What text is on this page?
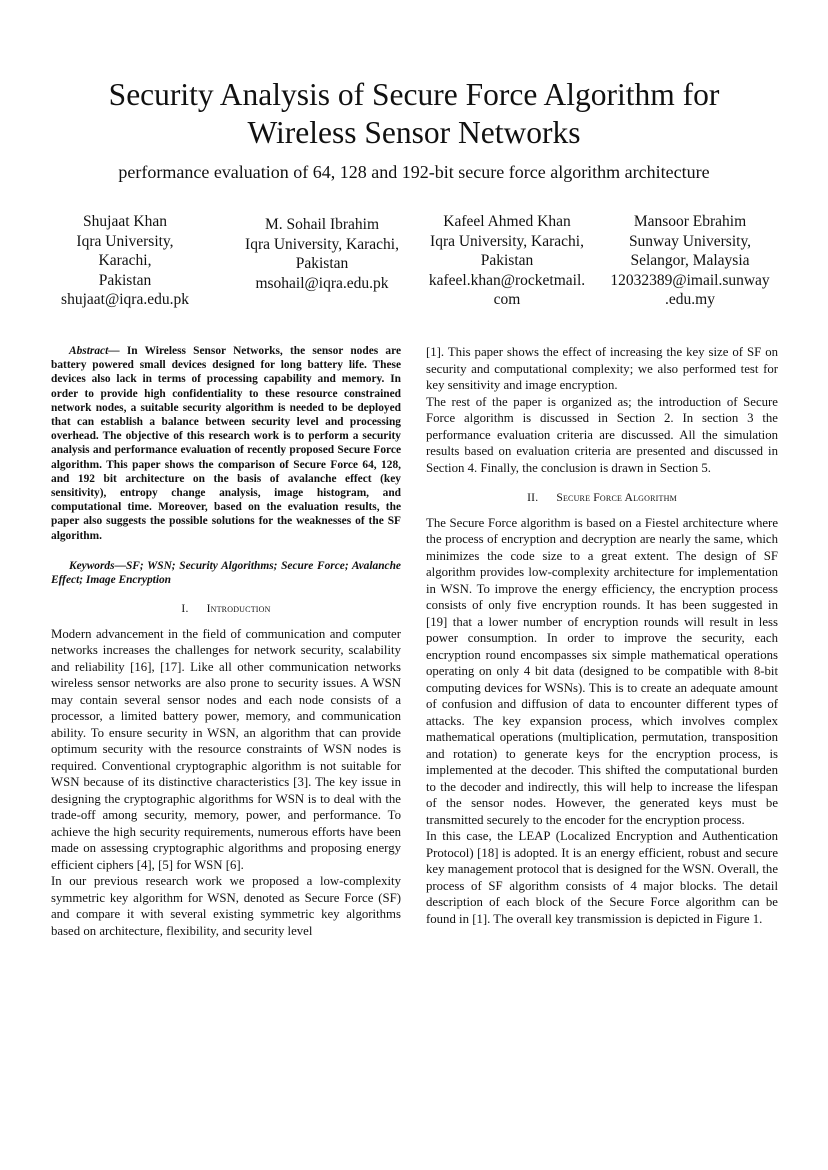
Security Analysis of Secure Force Algorithm for Wireless Sensor Networks
performance evaluation of 64, 128 and 192-bit secure force algorithm architecture
Shujaat Khan
Iqra University, Karachi,
Pakistan
shujaat@iqra.edu.pk
M. Sohail Ibrahim
Iqra University, Karachi,
Pakistan
msohail@iqra.edu.pk
Kafeel Ahmed Khan
Iqra University, Karachi,
Pakistan
kafeel.khan@rocketmail.
com
Mansoor Ebrahim
Sunway University,
Selangor, Malaysia
12032389@imail.sunway
.edu.my

Abstract— In Wireless Sensor Networks, the sensor nodes are battery powered small devices designed for long battery life. These devices also lack in terms of processing capability and memory. In order to provide high confidentiality to these resource constrained network nodes, a suitable security algorithm is needed to be deployed that can establish a balance between security level and processing overhead. The objective of this research work is to perform a security analysis and performance evaluation of recently proposed Secure Force algorithm. This paper shows the comparison of Secure Force 64, 128, and 192 bit architecture on the basis of avalanche effect (key sensitivity), entropy change analysis, image histogram, and computational time. Moreover, based on the evaluation results, the paper also suggests the possible solutions for the weaknesses of the SF algorithm.

Keywords—SF; WSN; Security Algorithms; Secure Force; Avalanche Effect; Image Encryption

I. Introduction

Modern advancement in the field of communication and computer networks increases the challenges for network security, scalability and reliability [16], [17]. Like all other communication networks wireless sensor networks are also prone to security issues. A WSN may contain several sensor nodes and each node consists of a processor, a limited battery power, memory, and communication ability. To ensure security in WSN, an algorithm that can provide optimum security with the resource constraints of WSN nodes is required. Conventional cryptographic algorithm is not suitable for WSN because of its distinctive characteristics [3]. The key issue in designing the cryptographic algorithms for WSN is to deal with the trade-off among security, memory, power, and performance. To achieve the high security requirements, numerous efforts have been made on assessing cryptographic algorithms and proposing energy efficient ciphers [4], [5] for WSN [6].

In our previous research work we proposed a low-complexity symmetric key algorithm for WSN, denoted as Secure Force (SF) and compare it with several existing symmetric key algorithms based on architecture, flexibility, and security level

[1]. This paper shows the effect of increasing the key size of SF on security and computational complexity; we also performed test for key sensitivity and image encryption.

The rest of the paper is organized as; the introduction of Secure Force algorithm is discussed in Section 2. In section 3 the performance evaluation criteria are discussed. All the simulation results based on evaluation criteria are presented and discussed in Section 4. Finally, the conclusion is drawn in Section 5.

II. Secure Force Algorithm

The Secure Force algorithm is based on a Fiestel architecture where the process of encryption and decryption are nearly the same, which minimizes the code size to a great extent. The design of SF algorithm provides low-complexity architecture for implementation in WSN. To improve the energy efficiency, the encryption process consists of only five encryption rounds. It has been suggested in [19] that a lower number of encryption rounds will result in less power consumption. In order to improve the security, each encryption round encompasses six simple mathematical operations operating on only 4 bit data (designed to be compatible with 8-bit computing devices for WSNs). This is to create an adequate amount of confusion and diffusion of data to encounter different types of attacks. The key expansion process, which involves complex mathematical operations (multiplication, permutation, transposition and rotation) to generate keys for the encryption process, is implemented at the decoder. This shifted the computational burden to the decoder and indirectly, this will help to increase the lifespan of the sensor nodes. However, the generated keys must be transmitted securely to the encoder for the encryption process.

In this case, the LEAP (Localized Encryption and Authentication Protocol) [18] is adopted. It is an energy efficient, robust and secure key management protocol that is designed for the WSN. Overall, the process of SF algorithm consists of 4 major blocks. The detail description of each block of the Secure Force algorithm can be found in [1]. The overall key transmission is depicted in Figure 1.
